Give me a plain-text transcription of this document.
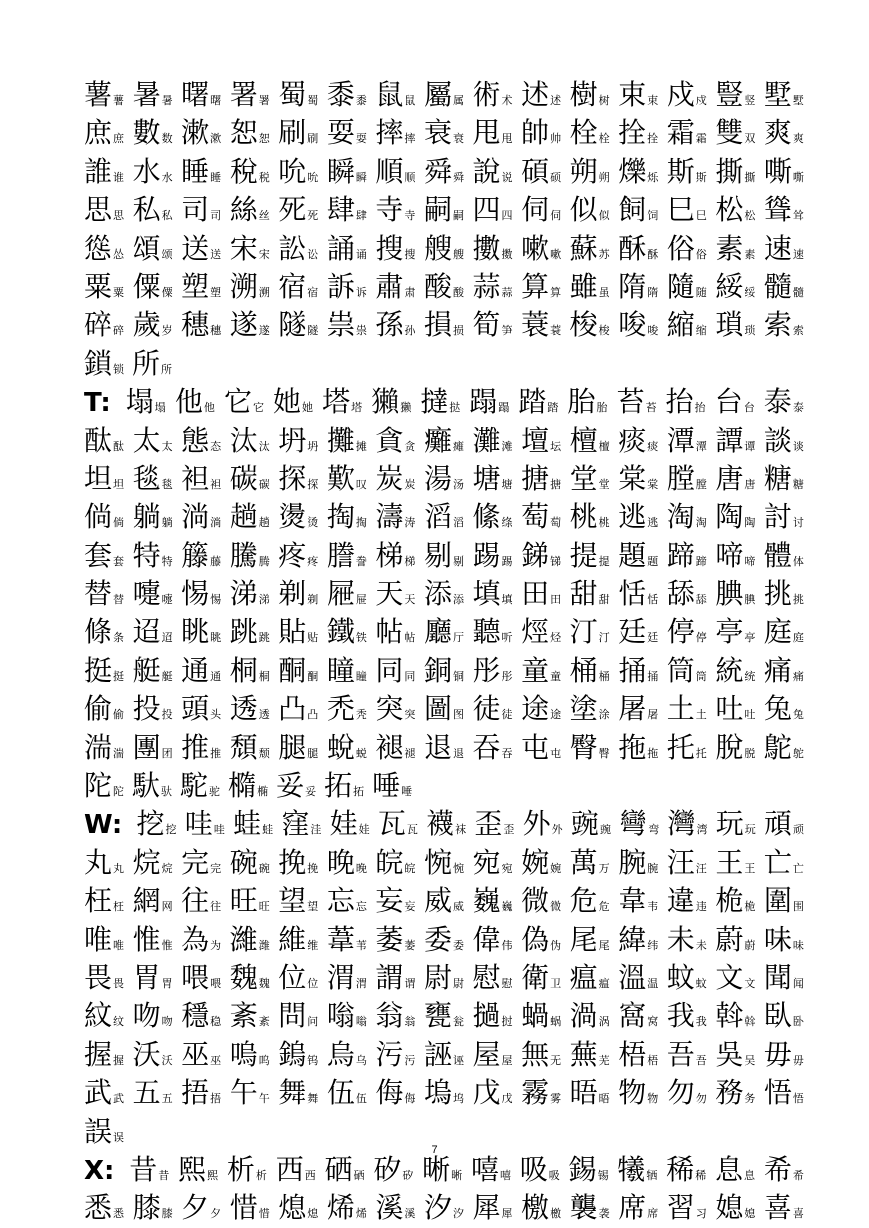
薯 薯 暑 暑 曙 曙 署 署 蜀 蜀 黍 黍 鼠 鼠 屬 属 術 术 述 述 樹 树 束 束 戍 戍 豎 竖 墅 墅
庶 庶 數 数 漱 漱 恕 恕 刷 刷 耍 耍 摔 摔 衰 衰 甩 甩 帥 帅 栓 栓 拴 拴 霜 霜 雙 双 爽 爽
誰 谁 水 水 睡 睡 稅 税 吮 吮 瞬 瞬 順 顺 舜 舜 說 说 碩 硕 朔 朔 爍 烁 斯 斯 撕 撕 嘶 嘶
思 思 私 私 司 司 絲 丝 死 死 肆 肆 寺 寺 嗣 嗣 四 四 伺 伺 似 似 飼 饲 巳 巳 松 松 聳 耸
慫 怂 頌 颂 送 送 宋 宋 訟 讼 誦 诵 搜 搜 艘 艘 擻 擞 嗽 嗽 蘇 苏 酥 酥 俗 俗 素 素 速 速
粟 粟 僳 僳 塑 塑 溯 溯 宿 宿 訴 诉 肅 肃 酸 酸 蒜 蒜 算 算 雖 虽 隋 隋 隨 随 綏 绥 髓 髓
碎 碎 歲 岁 穗 穗 遂 遂 隧 隧 祟 祟 孫 孙 損 损 筍 笋 蓑 蓑 梭 梭 唆 唆 縮 缩 瑣 琐 索 索
鎖 锁 所 所
T: 塌 塌 他 他 它 它 她 她 塔 塔 獺 獭 撻 挞 蹋 蹋 踏 踏 胎 胎 苔 苔 抬 抬 台 台 泰 泰
酞 酞 太 太 態 态 汰 汰 坍 坍 攤 摊 貪 贪 癱 瘫 灘 滩 壇 坛 檀 檀 痰 痰 潭 潭 譚 谭 談 谈
坦 坦 毯 毯 袒 袒 碳 碳 探 探 歎 叹 炭 炭 湯 汤 塘 塘 搪 搪 堂 堂 棠 棠 膛 膛 唐 唐 糖 糖
倘 倘 躺 躺 淌 淌 趟 趟 燙 烫 掏 掏 濤 涛 滔 滔 絛 绦 萄 萄 桃 桃 逃 逃 淘 淘 陶 陶 討 讨
套 套 特 特 籐 藤 騰 腾 疼 疼 謄 誊 梯 梯 剔 剔 踢 踢 銻 锑 提 提 題 题 蹄 蹄 啼 啼 體 体
替 替 嚏 嚏 惕 惕 涕 涕 剃 剃 屜 屉 天 天 添 添 填 填 田 田 甜 甜 恬 恬 舔 舔 腆 腆 挑 挑
條 条 迢 迢 眺 眺 跳 跳 貼 贴 鐵 铁 帖 帖 廳 厅 聽 听 烴 烃 汀 汀 廷 廷 停 停 亭 亭 庭 庭
挺 挺 艇 艇 通 通 桐 桐 酮 酮 瞳 瞳 同 同 銅 铜 彤 彤 童 童 桶 桶 捅 捅 筒 筒 統 统 痛 痛
偷 偷 投 投 頭 头 透 透 凸 凸 禿 秃 突 突 圖 图 徒 徒 途 途 塗 涂 屠 屠 土 土 吐 吐 兔 兔
湍 湍 團 团 推 推 頹 颓 腿 腿 蛻 蜕 褪 褪 退 退 吞 吞 屯 屯 臀 臀 拖 拖 托 托 脫 脱 鴕 鸵
陀 陀 馱 驮 駝 驼 橢 椭 妥 妥 拓 拓 唾 唾
W: 挖 挖 哇 哇 蛙 蛙 窪 洼 娃 娃 瓦 瓦 襪 袜 歪 歪 外 外 豌 豌 彎 弯 灣 湾 玩 玩 頑 顽
丸 丸 烷 烷 完 完 碗 碗 挽 挽 晚 晚 皖 皖 惋 惋 宛 宛 婉 婉 萬 万 腕 腕 汪 汪 王 王 亡 亡
枉 枉 網 网 往 往 旺 旺 望 望 忘 忘 妄 妄 威 威 巍 巍 微 微 危 危 韋 韦 違 违 桅 桅 圍 围
唯 唯 惟 惟 為 为 濰 潍 維 维 葦 苇 萎 萎 委 委 偉 伟 偽 伪 尾 尾 緯 纬 未 未 蔚 蔚 味 味
畏 畏 胃 胃 喂 喂 魏 魏 位 位 渭 渭 謂 谓 尉 尉 慰 慰 衛 卫 瘟 瘟 溫 温 蚊 蚊 文 文 聞 闻
紋 纹 吻 吻 穩 稳 紊 紊 問 问 嗡 嗡 翁 翁 甕 瓮 撾 挝 蝸 蜗 渦 涡 窩 窝 我 我 斡 斡 臥 卧
握 握 沃 沃 巫 巫 嗚 呜 鎢 钨 烏 乌 污 污 誣 诬 屋 屋 無 无 蕪 芜 梧 梧 吾 吾 吳 吴 毋 毋
武 武 五 五 捂 捂 午 午 舞 舞 伍 伍 侮 侮 塢 坞 戊 戊 霧 雾 晤 晤 物 物 勿 勿 務 务 悟 悟
誤 误
X: 昔 昔 熙 熙 析 析 西 西 硒 硒 矽 矽 晰 晰 嘻 嘻 吸 吸 錫 锡 犧 牺 稀 稀 息 息 希 希
悉 悉 膝 膝 夕 夕 惜 惜 熄 熄 烯 烯 溪 溪 汐 汐 犀 犀 檄 檄 襲 袭 席 席 習 习 媳 媳 喜 喜
7
